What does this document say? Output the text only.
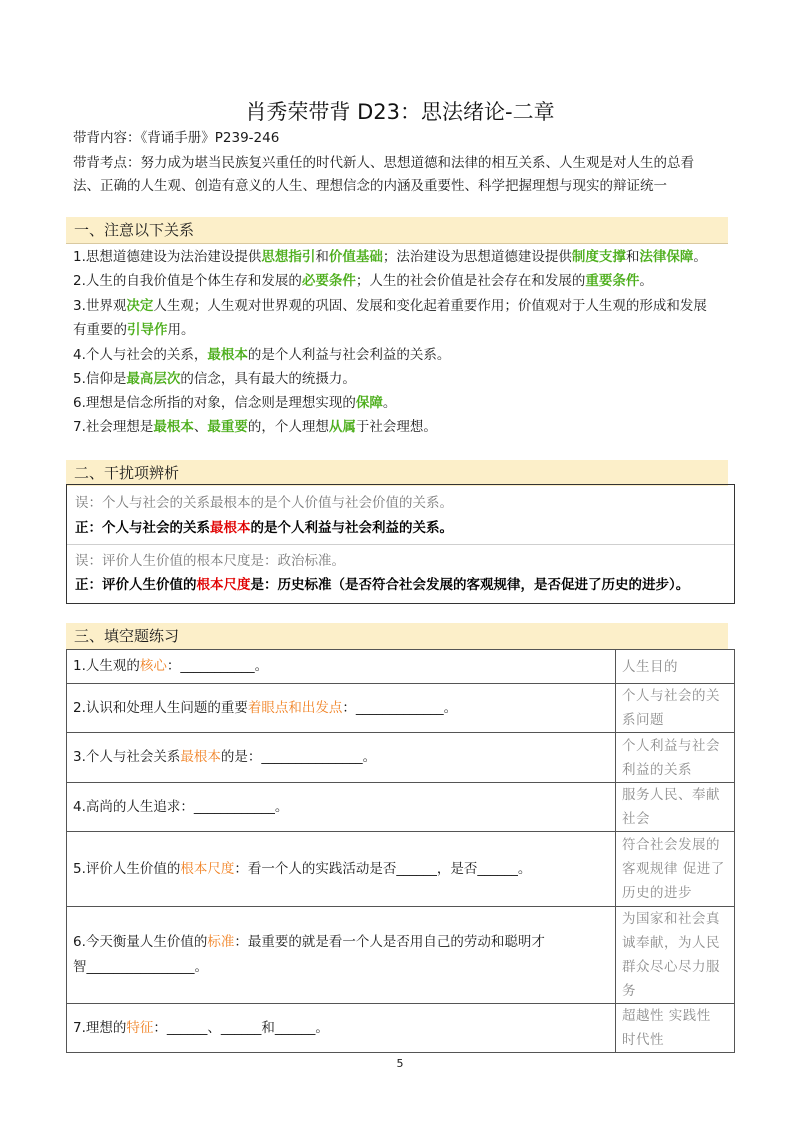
肖秀荣带背 D23：思法绪论-二章
带背内容：《背诵手册》P239-246
带背考点：努力成为堪当民族复兴重任的时代新人、思想道德和法律的相互关系、人生观是对人生的总看
法、正确的人生观、创造有意义的人生、理想信念的内涵及重要性、科学把握理想与现实的辩证统一
一、注意以下关系
1.思想道德建设为法治建设提供思想指引和价值基础；法治建设为思想道德建设提供制度支撑和法律保障。
2.人生的自我价值是个体生存和发展的必要条件；人生的社会价值是社会存在和发展的重要条件。
3.世界观决定人生观；人生观对世界观的巩固、发展和变化起着重要作用；价值观对于人生观的形成和发展
有重要的引导作用。
4.个人与社会的关系，最根本的是个人利益与社会利益的关系。
5.信仰是最高层次的信念，具有最大的统摄力。
6.理想是信念所指的对象，信念则是理想实现的保障。
7.社会理想是最根本、最重要的，个人理想从属于社会理想。
二、干扰项辨析
误：个人与社会的关系最根本的是个人价值与社会价值的关系。
正：个人与社会的关系最根本的是个人利益与社会利益的关系。
误：评价人生价值的根本尺度是：政治标准。
正：评价人生价值的根本尺度是：历史标准（是否符合社会发展的客观规律，是否促进了历史的进步）。
三、填空题练习
1.人生观的核心：___________。	人生目的
2.认识和处理人生问题的重要着眼点和出发点：_____________。	个人与社会的关系问题
3.个人与社会关系最根本的是：_______________。	个人利益与社会利益的关系
4.高尚的人生追求：____________。	服务人民、奉献社会
5.评价人生价值的根本尺度：看一个人的实践活动是否______，是否______。	符合社会发展的客观规律 促进了历史的进步
6.今天衡量人生价值的标准：最重要的就是看一个人是否用自己的劳动和聪明才
智________________。	为国家和社会真诚奉献，为人民群众尽心尽力服务
7.理想的特征：______、______和______。	超越性 实践性 时代性
5
